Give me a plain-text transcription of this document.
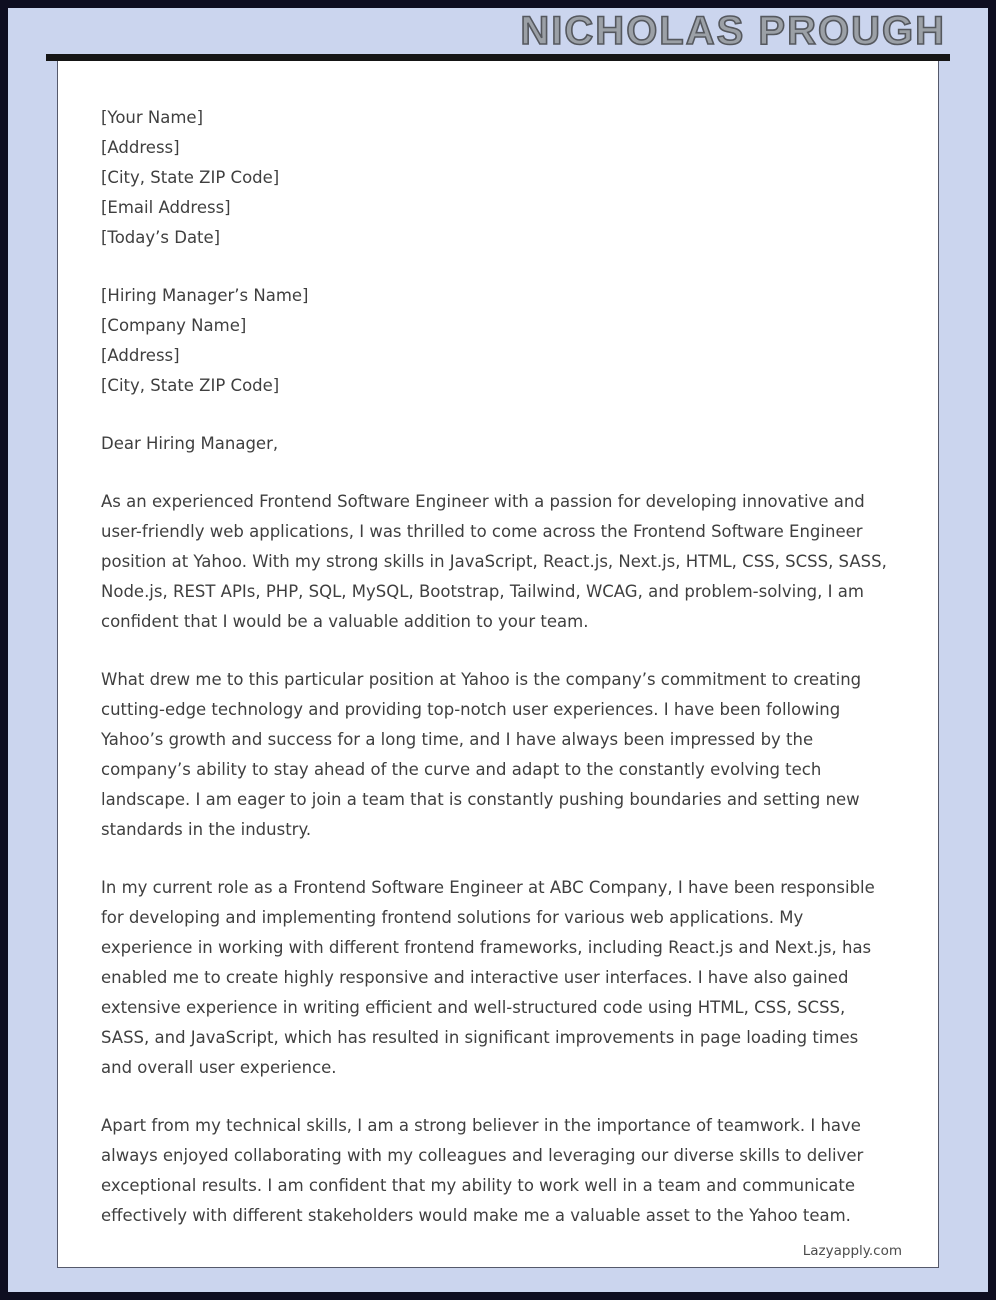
NICHOLAS PROUGH
[Your Name]
[Address]
[City, State ZIP Code]
[Email Address]
[Today’s Date]
[Hiring Manager’s Name]
[Company Name]
[Address]
[City, State ZIP Code]
Dear Hiring Manager,

As an experienced Frontend Software Engineer with a passion for developing innovative and user-friendly web applications, I was thrilled to come across the Frontend Software Engineer position at Yahoo. With my strong skills in JavaScript, React.js, Next.js, HTML, CSS, SCSS, SASS, Node.js, REST APIs, PHP, SQL, MySQL, Bootstrap, Tailwind, WCAG, and problem-solving, I am confident that I would be a valuable addition to your team.

What drew me to this particular position at Yahoo is the company’s commitment to creating cutting-edge technology and providing top-notch user experiences. I have been following Yahoo’s growth and success for a long time, and I have always been impressed by the company’s ability to stay ahead of the curve and adapt to the constantly evolving tech landscape. I am eager to join a team that is constantly pushing boundaries and setting new standards in the industry.

In my current role as a Frontend Software Engineer at ABC Company, I have been responsible for developing and implementing frontend solutions for various web applications. My experience in working with different frontend frameworks, including React.js and Next.js, has enabled me to create highly responsive and interactive user interfaces. I have also gained extensive experience in writing efficient and well-structured code using HTML, CSS, SCSS, SASS, and JavaScript, which has resulted in significant improvements in page loading times and overall user experience.

Apart from my technical skills, I am a strong believer in the importance of teamwork. I have always enjoyed collaborating with my colleagues and leveraging our diverse skills to deliver exceptional results. I am confident that my ability to work well in a team and communicate effectively with different stakeholders would make me a valuable asset to the Yahoo team.

Lazyapply.com
